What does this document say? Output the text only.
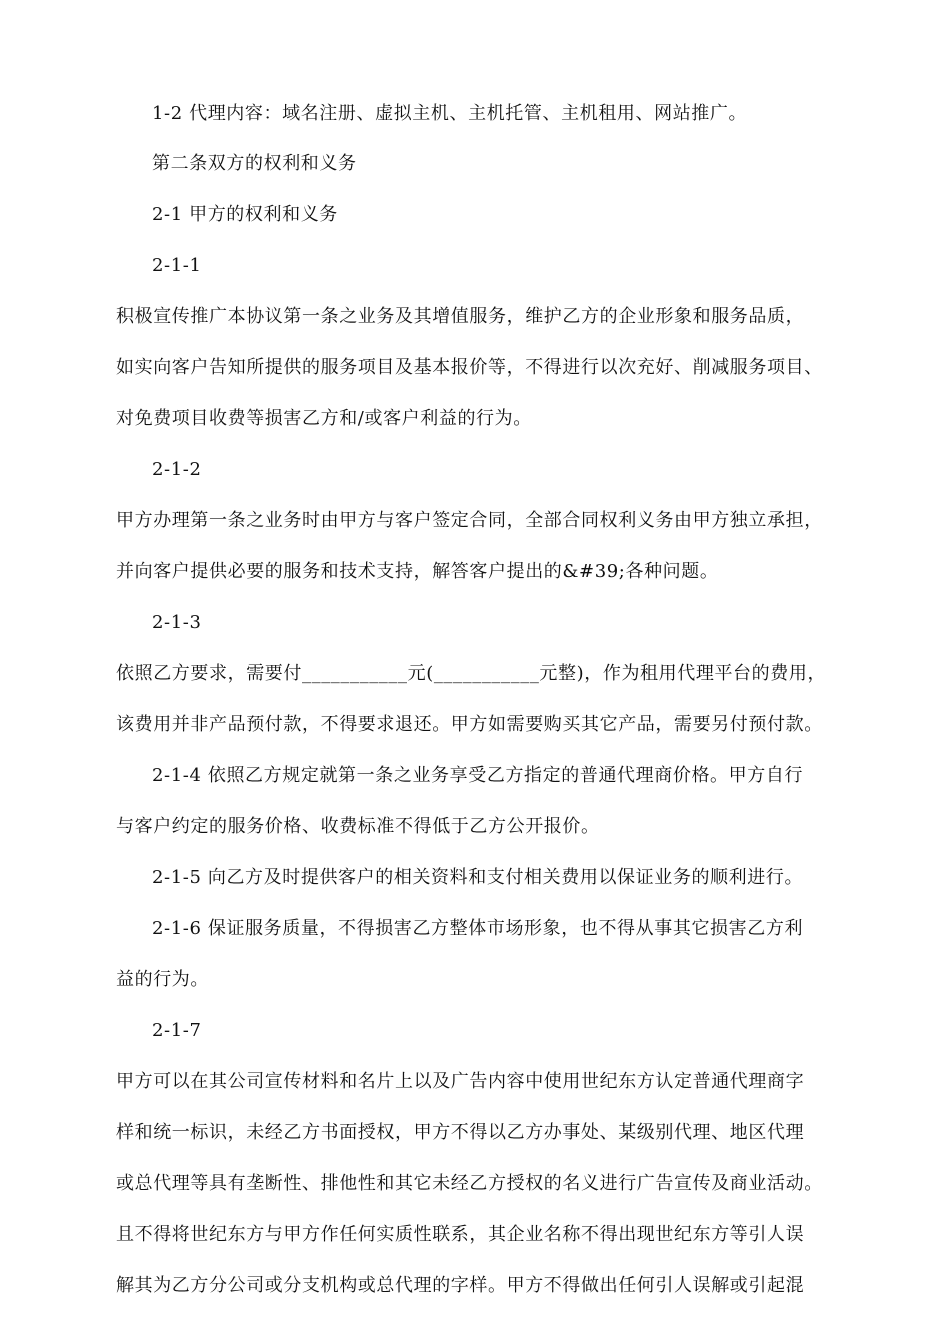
1-2 代理内容：域名注册、虚拟主机、主机托管、主机租用、网站推广。
第二条双方的权利和义务
2-1 甲方的权利和义务
2-1-1
积极宣传推广本协议第一条之业务及其增值服务，维护乙方的企业形象和服务品质，
如实向客户告知所提供的服务项目及基本报价等，不得进行以次充好、削减服务项目、
对免费项目收费等损害乙方和/或客户利益的行为。
2-1-2
甲方办理第一条之业务时由甲方与客户签定合同，全部合同权利义务由甲方独立承担，
并向客户提供必要的服务和技术支持，解答客户提出的&#39;各种问题。
2-1-3
依照乙方要求，需要付___________元(___________元整)，作为租用代理平台的费用，
该费用并非产品预付款，不得要求退还。甲方如需要购买其它产品，需要另付预付款。
2-1-4 依照乙方规定就第一条之业务享受乙方指定的普通代理商价格。甲方自行
与客户约定的服务价格、收费标准不得低于乙方公开报价。
2-1-5 向乙方及时提供客户的相关资料和支付相关费用以保证业务的顺利进行。
2-1-6 保证服务质量，不得损害乙方整体市场形象，也不得从事其它损害乙方利
益的行为。
2-1-7
甲方可以在其公司宣传材料和名片上以及广告内容中使用世纪东方认定普通代理商字
样和统一标识，未经乙方书面授权，甲方不得以乙方办事处、某级别代理、地区代理
或总代理等具有垄断性、排他性和其它未经乙方授权的名义进行广告宣传及商业活动。
且不得将世纪东方与甲方作任何实质性联系，其企业名称不得出现世纪东方等引人误
解其为乙方分公司或分支机构或总代理的字样。甲方不得做出任何引人误解或引起混
